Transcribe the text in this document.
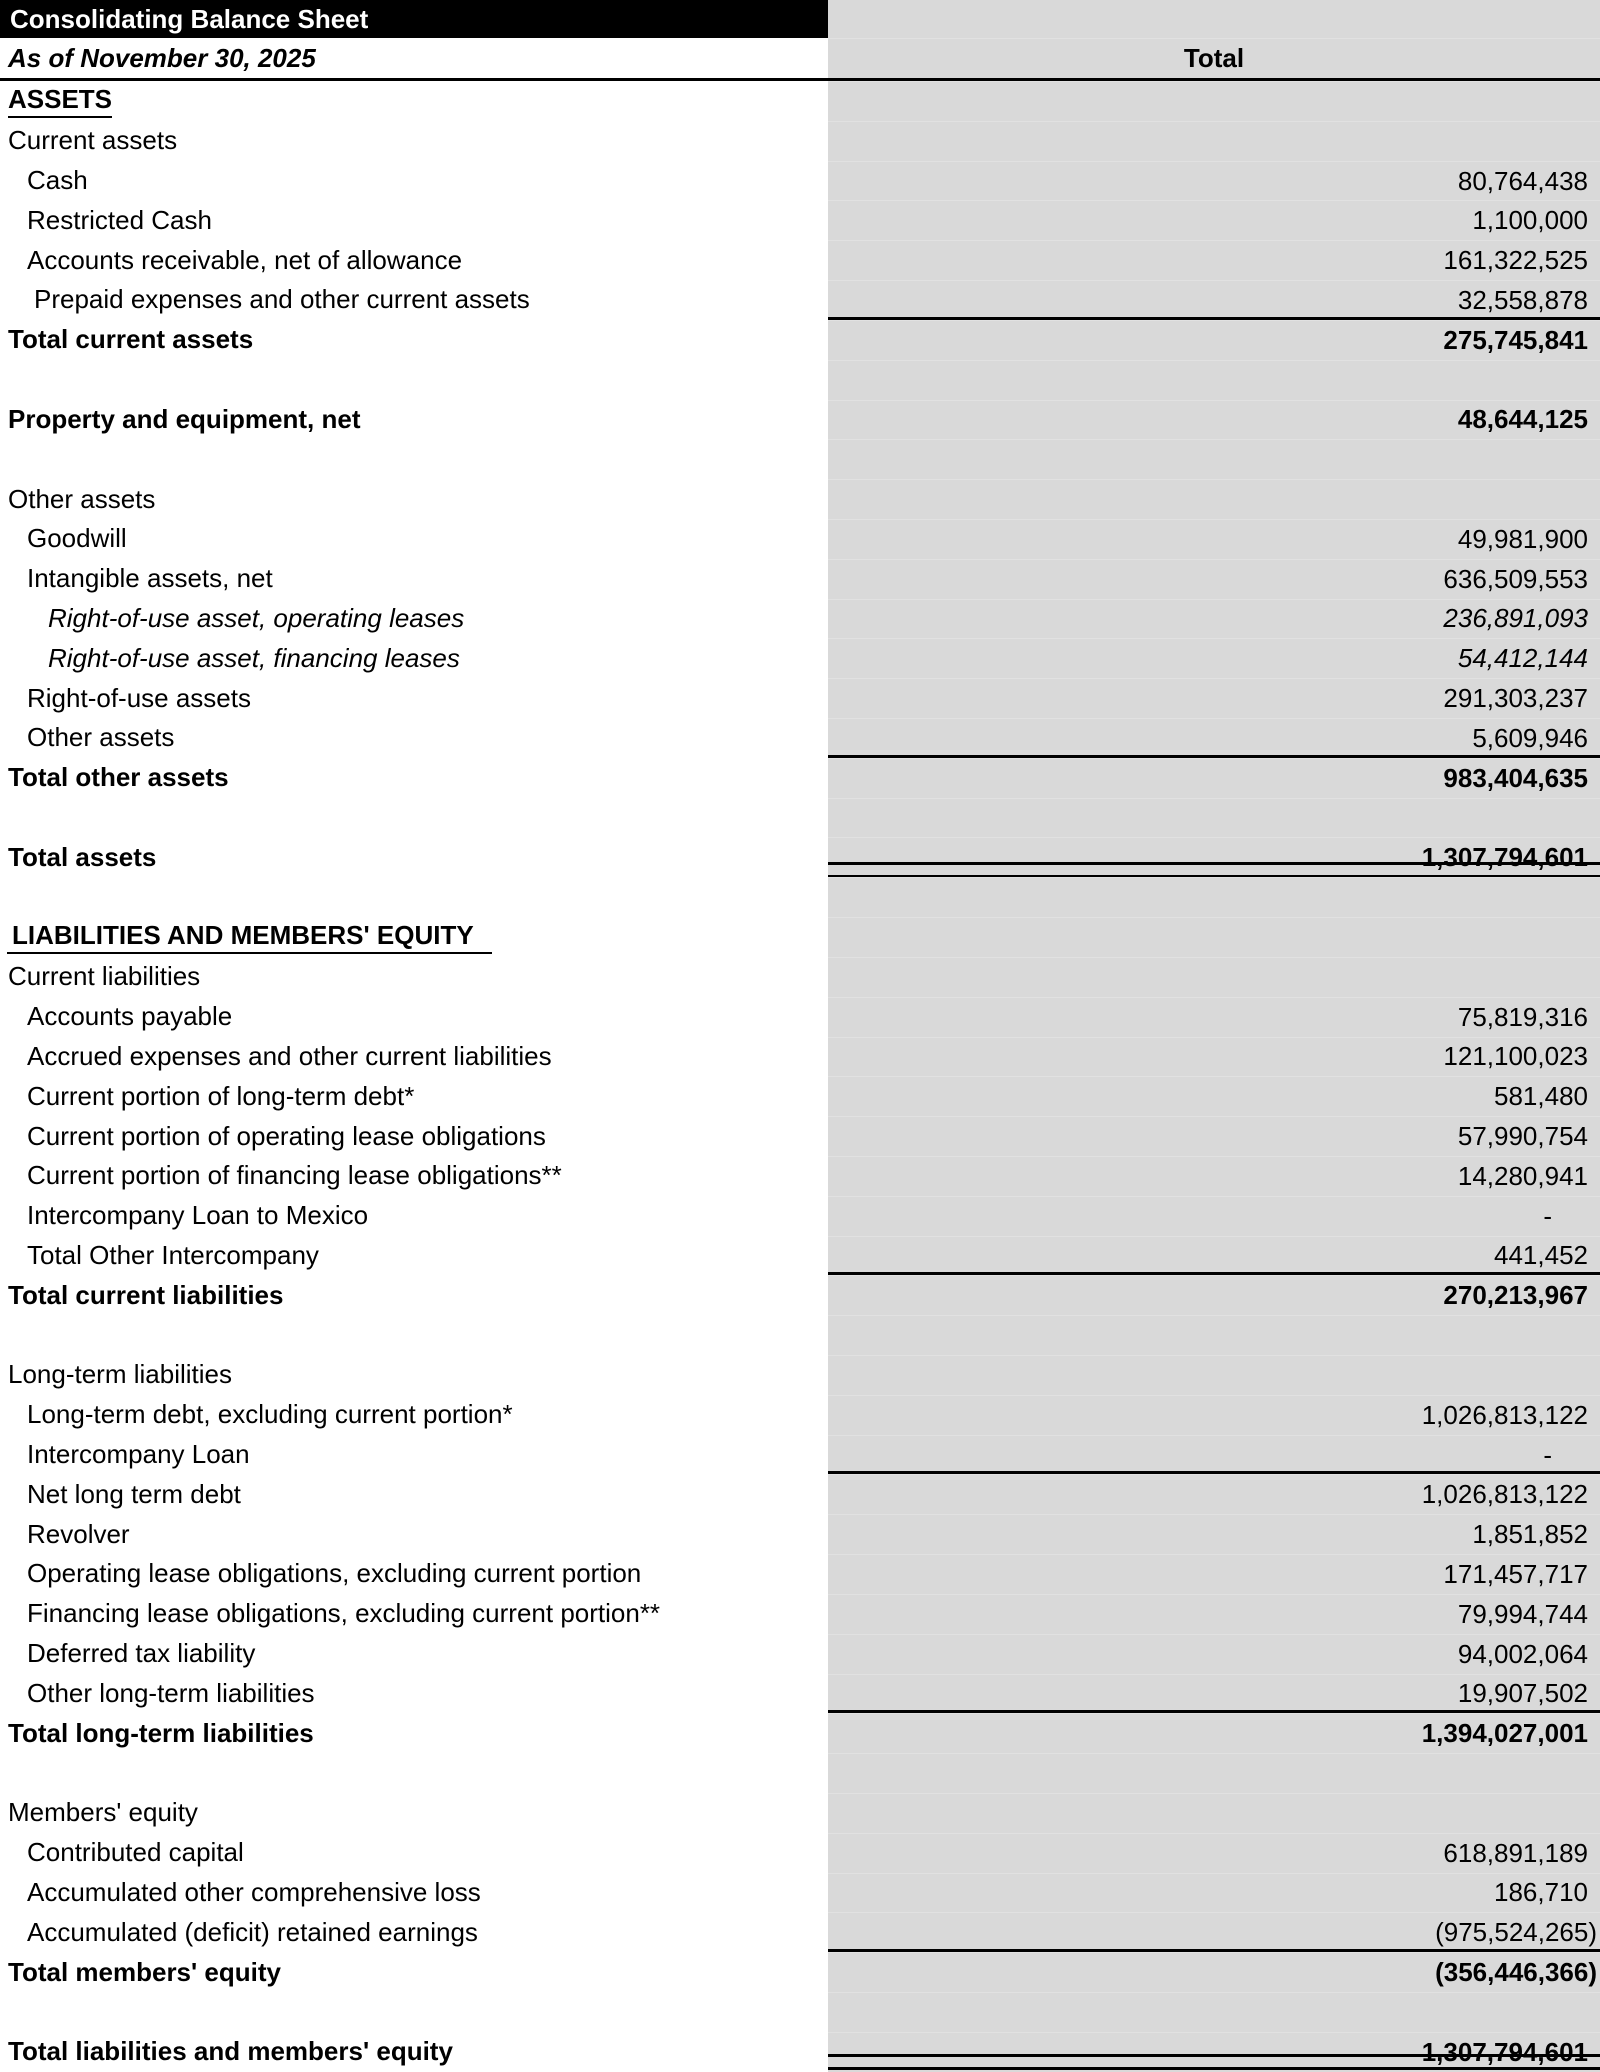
Consolidating Balance Sheet
As of November 30, 2025	Total
ASSETS
Current assets
Cash	80,764,438
Restricted Cash	1,100,000
Accounts receivable, net of allowance	161,322,525
Prepaid expenses and other current assets	32,558,878
Total current assets	275,745,841
Property and equipment, net	48,644,125
Other assets
Goodwill	49,981,900
Intangible assets, net	636,509,553
Right-of-use asset, operating leases	236,891,093
Right-of-use asset, financing leases	54,412,144
Right-of-use assets	291,303,237
Other assets	5,609,946
Total other assets	983,404,635
Total assets	1,307,794,601
LIABILITIES AND MEMBERS' EQUITY
Current liabilities
Accounts payable	75,819,316
Accrued expenses and other current liabilities	121,100,023
Current portion of long-term debt*	581,480
Current portion of operating lease obligations	57,990,754
Current portion of financing lease obligations**	14,280,941
Intercompany Loan to Mexico	-
Total Other Intercompany	441,452
Total current liabilities	270,213,967
Long-term liabilities
Long-term debt, excluding current portion*	1,026,813,122
Intercompany Loan	-
Net long term debt	1,026,813,122
Revolver	1,851,852
Operating lease obligations, excluding current portion	171,457,717
Financing lease obligations, excluding current portion**	79,994,744
Deferred tax liability	94,002,064
Other long-term liabilities	19,907,502
Total long-term liabilities	1,394,027,001
Members' equity
Contributed capital	618,891,189
Accumulated other comprehensive loss	186,710
Accumulated (deficit) retained earnings	(975,524,265)
Total members' equity	(356,446,366)
Total liabilities and members' equity	1,307,794,601
